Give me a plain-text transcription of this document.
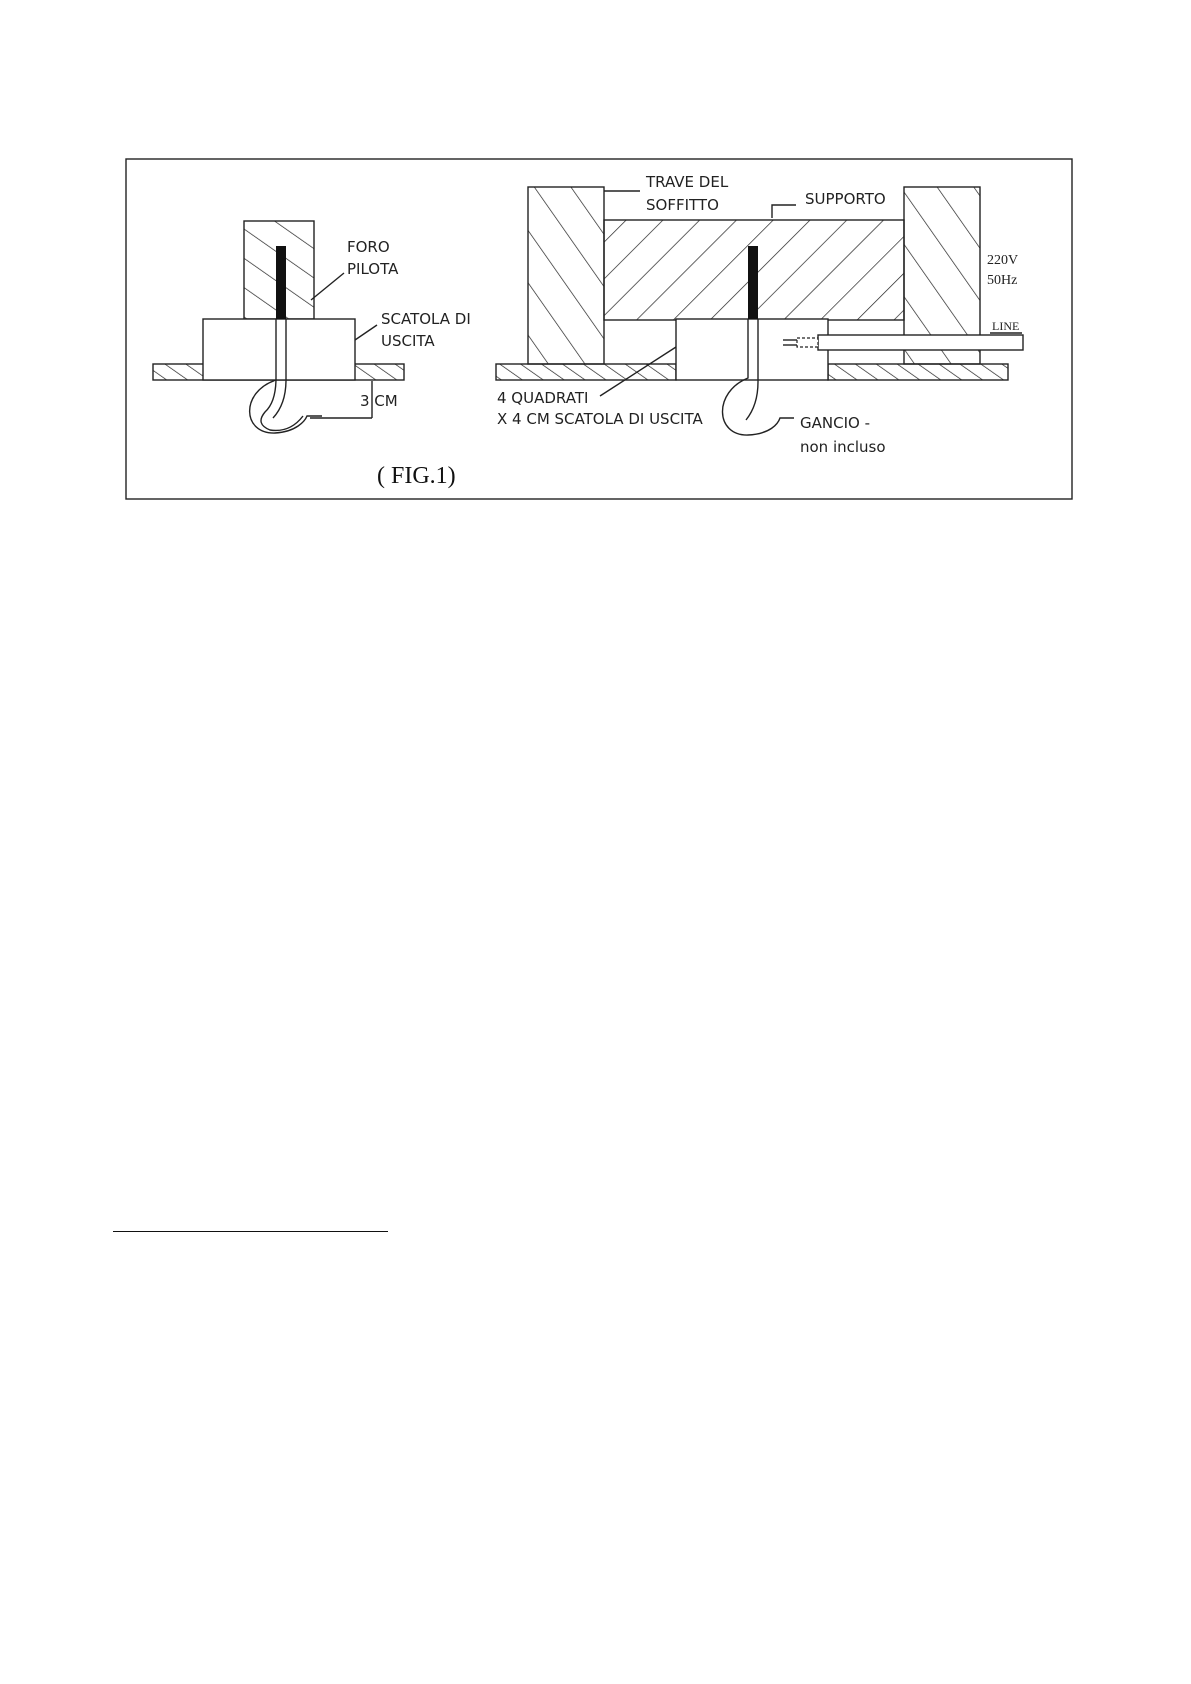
FORO PILOTA
SCATOLA DI USCITA
3 CM
TRAVE DEL SOFFITTO	SUPPORTO
220V 50Hz
LINE
4 QUADRATI X 4 CM SCATOLA DI USCITA	GANCIO - non incluso
( FIG.1)
